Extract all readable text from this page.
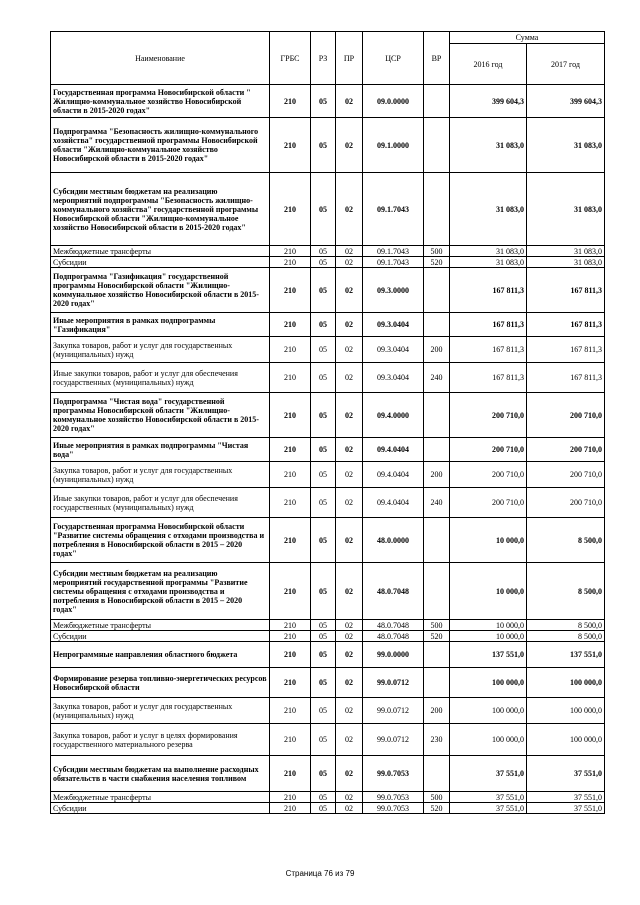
Наименование	ГРБС	РЗ	ПР	ЦСР	ВР	Сумма	
						2016 год	2017 год
Государственная программа Новосибирской области " Жилищно-коммунальное хозяйство Новосибирской области в 2015-2020 годах"	210	05	02	09.0.0000		399 604,3	399 604,3
Подпрограмма "Безопасность жилищно-коммунального хозяйства" государственной программы Новосибирской области "Жилищно-коммунальное хозяйство Новосибирской области в 2015-2020 годах"	210	05	02	09.1.0000		31 083,0	31 083,0
Субсидии местным бюджетам на реализацию мероприятий подпрограммы "Безопасность жилищно-коммунального хозяйства" государственной программы Новосибирской области "Жилищно-коммунальное хозяйство Новосибирской области в 2015-2020 годах"	210	05	02	09.1.7043		31 083,0	31 083,0
Межбюджетные трансферты	210	05	02	09.1.7043	500	31 083,0	31 083,0
Субсидии	210	05	02	09.1.7043	520	31 083,0	31 083,0
Подпрограмма "Газификация" государственной программы Новосибирской области "Жилищно-коммунальное хозяйство Новосибирской области в 2015-2020 годах"	210	05	02	09.3.0000		167 811,3	167 811,3
Иные мероприятия в рамках подпрограммы "Газификация"	210	05	02	09.3.0404		167 811,3	167 811,3
Закупка товаров, работ и услуг для государственных (муниципальных) нужд	210	05	02	09.3.0404	200	167 811,3	167 811,3
Иные закупки товаров, работ и услуг для обеспечения государственных (муниципальных) нужд	210	05	02	09.3.0404	240	167 811,3	167 811,3
Подпрограмма "Чистая вода" государственной программы Новосибирской области "Жилищно-коммунальное хозяйство Новосибирской области в 2015-2020 годах"	210	05	02	09.4.0000		200 710,0	200 710,0
Иные мероприятия в рамках подпрограммы "Чистая вода"	210	05	02	09.4.0404		200 710,0	200 710,0
Закупка товаров, работ и услуг для государственных (муниципальных) нужд	210	05	02	09.4.0404	200	200 710,0	200 710,0
Иные закупки товаров, работ и услуг для обеспечения государственных (муниципальных) нужд	210	05	02	09.4.0404	240	200 710,0	200 710,0
Государственная программа Новосибирской области "Развитие системы обращения с отходами производства и потребления в Новосибирской области в 2015 – 2020 годах"	210	05	02	48.0.0000		10 000,0	8 500,0
Субсидии местным бюджетам на реализацию мероприятий государственной программы "Развитие системы обращения с отходами производства и потребления в Новосибирской области в 2015 – 2020 годах"	210	05	02	48.0.7048		10 000,0	8 500,0
Межбюджетные трансферты	210	05	02	48.0.7048	500	10 000,0	8 500,0
Субсидии	210	05	02	48.0.7048	520	10 000,0	8 500,0
Непрограммные направления областного бюджета	210	05	02	99.0.0000		137 551,0	137 551,0
Формирование резерва топливно-энергетических ресурсов Новосибирской области	210	05	02	99.0.0712		100 000,0	100 000,0
Закупка товаров, работ и услуг для государственных (муниципальных) нужд	210	05	02	99.0.0712	200	100 000,0	100 000,0
Закупка товаров, работ и услуг в целях формирования государственного материального резерва	210	05	02	99.0.0712	230	100 000,0	100 000,0
Субсидии местным бюджетам на выполнение расходных обязательств в части снабжения населения топливом	210	05	02	99.0.7053		37 551,0	37 551,0
Межбюджетные трансферты	210	05	02	99.0.7053	500	37 551,0	37 551,0
Субсидии	210	05	02	99.0.7053	520	37 551,0	37 551,0
Страница 76 из 79
